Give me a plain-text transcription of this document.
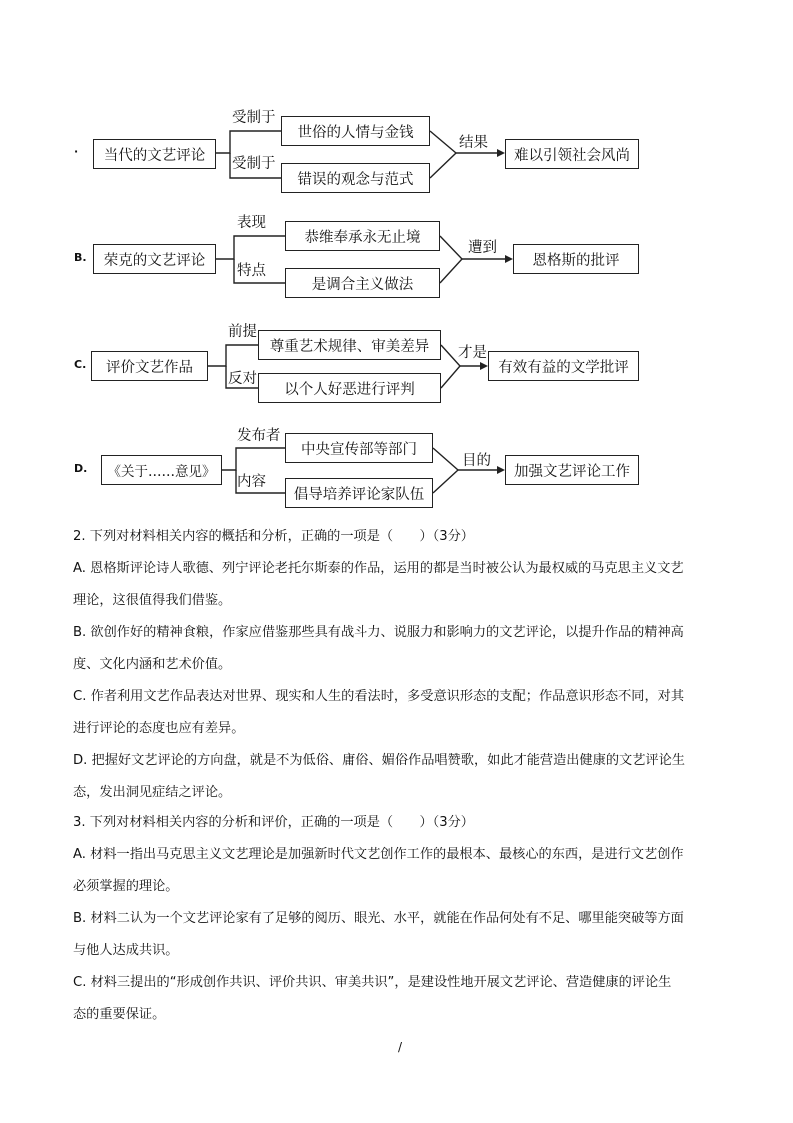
·	当代的文艺评论
受制于
受制于
世俗的人情与金钱
错误的观念与范式
结果
难以引领社会风尚
B.	荣克的文艺评论
表现
特点
恭维奉承永无止境
是调合主义做法
遭到
恩格斯的批评
C.	评价文艺作品
前提
反对
尊重艺术规律、审美差异
以个人好恶进行评判
才是
有效有益的文学批评
D.	《关于……意见》
发布者
内容
中央宣传部等部门
倡导培养评论家队伍
目的
加强文艺评论工作

2. 下列对材料相关内容的概括和分析，正确的一项是（　　）（3分）

A. 恩格斯评论诗人歌德、列宁评论老托尔斯泰的作品，运用的都是当时被公认为最权威的马克思主义文艺

理论，这很值得我们借鉴。

B. 欲创作好的精神食粮，作家应借鉴那些具有战斗力、说服力和影响力的文艺评论，以提升作品的精神高

度、文化内涵和艺术价值。

C. 作者利用文艺作品表达对世界、现实和人生的看法时，多受意识形态的支配；作品意识形态不同，对其

进行评论的态度也应有差异。

D. 把握好文艺评论的方向盘，就是不为低俗、庸俗、媚俗作品唱赞歌，如此才能营造出健康的文艺评论生

态，发出洞见症结之评论。

3. 下列对材料相关内容的分析和评价，正确的一项是（　　）（3分）

A. 材料一指出马克思主义文艺理论是加强新时代文艺创作工作的最根本、最核心的东西，是进行文艺创作

必须掌握的理论。

B. 材料二认为一个文艺评论家有了足够的阅历、眼光、水平，就能在作品何处有不足、哪里能突破等方面

与他人达成共识。

C. 材料三提出的“形成创作共识、评价共识、审美共识”，是建设性地开展文艺评论、营造健康的评论生

态的重要保证。

/
